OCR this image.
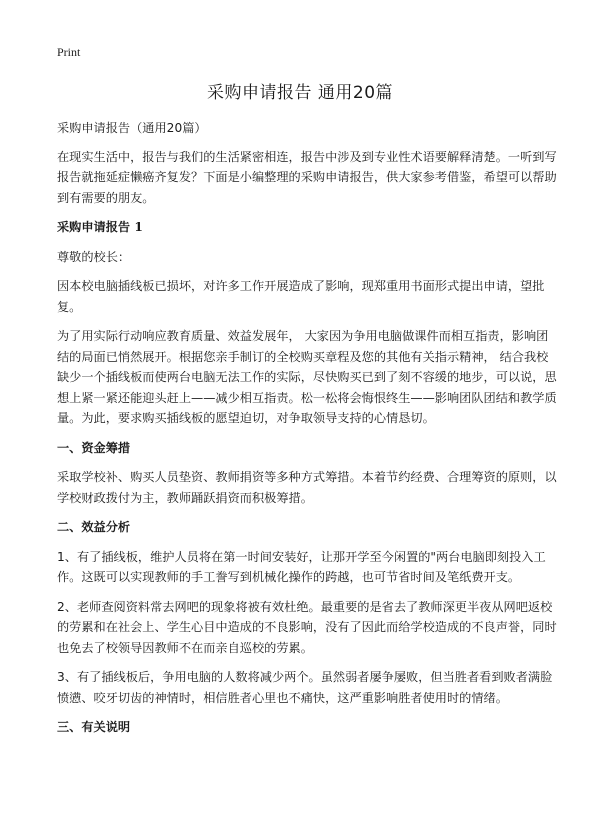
Print
采购申请报告 通用20篇

采购申请报告（通用20篇）

在现实生活中，报告与我们的生活紧密相连，报告中涉及到专业性术语要解释清楚。一听到写报告就拖延症懒癌齐复发？下面是小编整理的采购申请报告，供大家参考借鉴，希望可以帮助到有需要的朋友。

采购申请报告 1

尊敬的校长：

因本校电脑插线板已损坏，对许多工作开展造成了影响，现郑重用书面形式提出申请，望批复。

为了用实际行动响应教育质量、效益发展年， 大家因为争用电脑做课件而相互指责，影响团结的局面已悄然展开。根据您亲手制订的全校购买章程及您的其他有关指示精神， 结合我校缺少一个插线板而使两台电脑无法工作的实际，尽快购买已到了刻不容缓的地步，可以说，思想上紧一紧还能迎头赶上——减少相互指责。松一松将会悔恨终生——影响团队团结和教学质量。为此，要求购买插线板的愿望迫切，对争取领导支持的心情恳切。

一、资金筹措

采取学校补、购买人员垫资、教师捐资等多种方式筹措。本着节约经费、合理筹资的原则，以学校财政拨付为主，教师踊跃捐资而积极筹措。

二、效益分析

1、有了插线板，维护人员将在第一时间安装好，让那开学至今闲置的"两台电脑即刻投入工作。这既可以实现教师的手工誊写到机械化操作的跨越，也可节省时间及笔纸费开支。

2、老师查阅资料常去网吧的现象将被有效杜绝。最重要的是省去了教师深更半夜从网吧返校的劳累和在社会上、学生心目中造成的不良影响，没有了因此而给学校造成的不良声誉，同时也免去了校领导因教师不在而亲自巡校的劳累。

3、有了插线板后，争用电脑的人数将减少两个。虽然弱者屡争屡败，但当胜者看到败者满脸愤懑、咬牙切齿的神情时，相信胜者心里也不痛快，这严重影响胜者使用时的情绪。

三、有关说明
